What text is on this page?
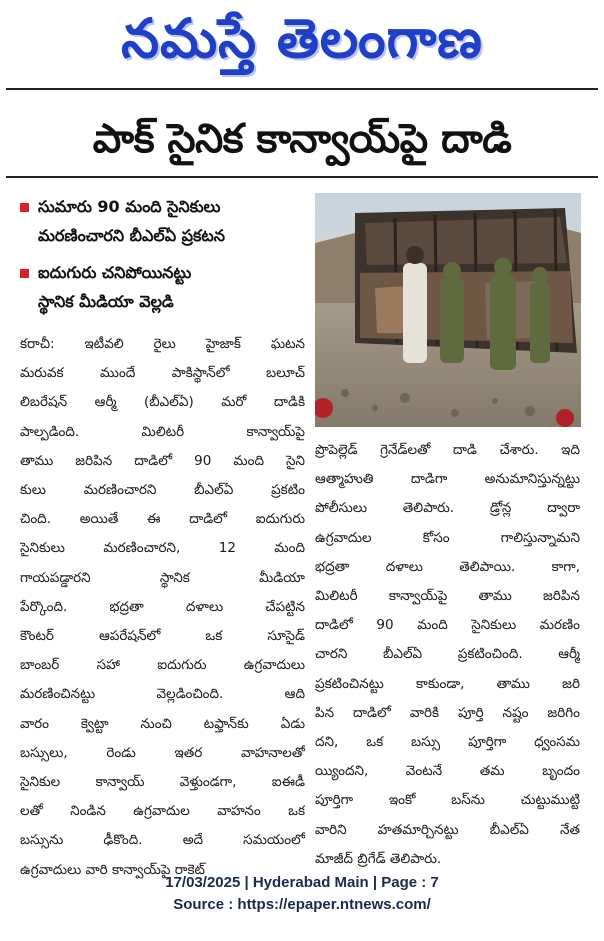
నమస్తే తెలంగాణ
పాక్ సైనిక కాన్వాయ్‌పై దాడి
సుమారు 90 మంది సైనికులు
మరణించారని బీఎల్ఏ ప్రకటన
ఐదుగురు చనిపోయినట్టు
స్థానిక మీడియా వెల్లడి
కరాచీ: ఇటీవలి రైలు హైజాక్ ఘటన
మరువక ముందే పాకిస్థాన్‌లో బలూచ్
లిబరేషన్ ఆర్మీ (బీఎల్ఏ) మరో దాడికి
పాల్పడింది. మిలిటరీ కాన్వాయ్‌పై
తాము జరిపిన దాడిలో 90 మంది సైని
కులు మరణించారని బీఎల్ఏ ప్రకటిం
చింది. అయితే ఈ దాడిలో ఐదుగురు
సైనికులు మరణించారని, 12 మంది
గాయపడ్డారని స్థానిక మీడియా
పేర్కొంది. భద్రతా దళాలు చేపట్టిన
కౌంటర్ ఆపరేషన్‌లో ఒక సూసైడ్
బాంబర్ సహా ఐదుగురు ఉగ్రవాదులు
మరణించినట్టు వెల్లడించింది. ఆది
వారం క్వెట్టా నుంచి టఫ్తాన్‌కు ఏడు
బస్సులు, రెండు ఇతర వాహనాలతో
సైనికుల కాన్వాయ్ వెళ్తుండగా, ఐఈడీ
లతో నిండిన ఉగ్రవాదుల వాహనం ఒక
బస్సును ఢీకొంది. అదే సమయంలో
ఉగ్రవాదులు వారి కాన్వాయ్‌పై రాకెట్
ప్రొపెల్లెడ్ గ్రెనేడ్‌లతో దాడి చేశారు. ఇది
ఆత్మాహుతి దాడిగా అనుమానిస్తున్నట్టు
పోలీసులు తెలిపారు. డ్రోన్ల ద్వారా
ఉగ్రవాదుల కోసం గాలిస్తున్నామని
భద్రతా దళాలు తెలిపాయి. కాగా,
మిలిటరీ కాన్వాయ్‌పై తాము జరిపిన
దాడిలో 90 మంది సైనికులు మరణిం
చారని బీఎల్ఏ ప్రకటించింది. ఆర్మీ
ప్రకటించినట్టు కాకుండా, తాము జరి
పిన దాడిలో వారికి పూర్తి నష్టం జరిగిం
దని, ఒక బస్సు పూర్తిగా ధ్వంసమ
య్యిందని, వెంటనే తమ బృందం
పూర్తిగా ఇంకో బస్‌ను చుట్టుముట్టి
వారిని హతమార్చినట్టు బీఎల్ఏ నేత
మాజీద్ బ్రిగేడ్ తెలిపారు.
17/03/2025 | Hyderabad Main | Page : 7
Source : https://epaper.ntnews.com/
